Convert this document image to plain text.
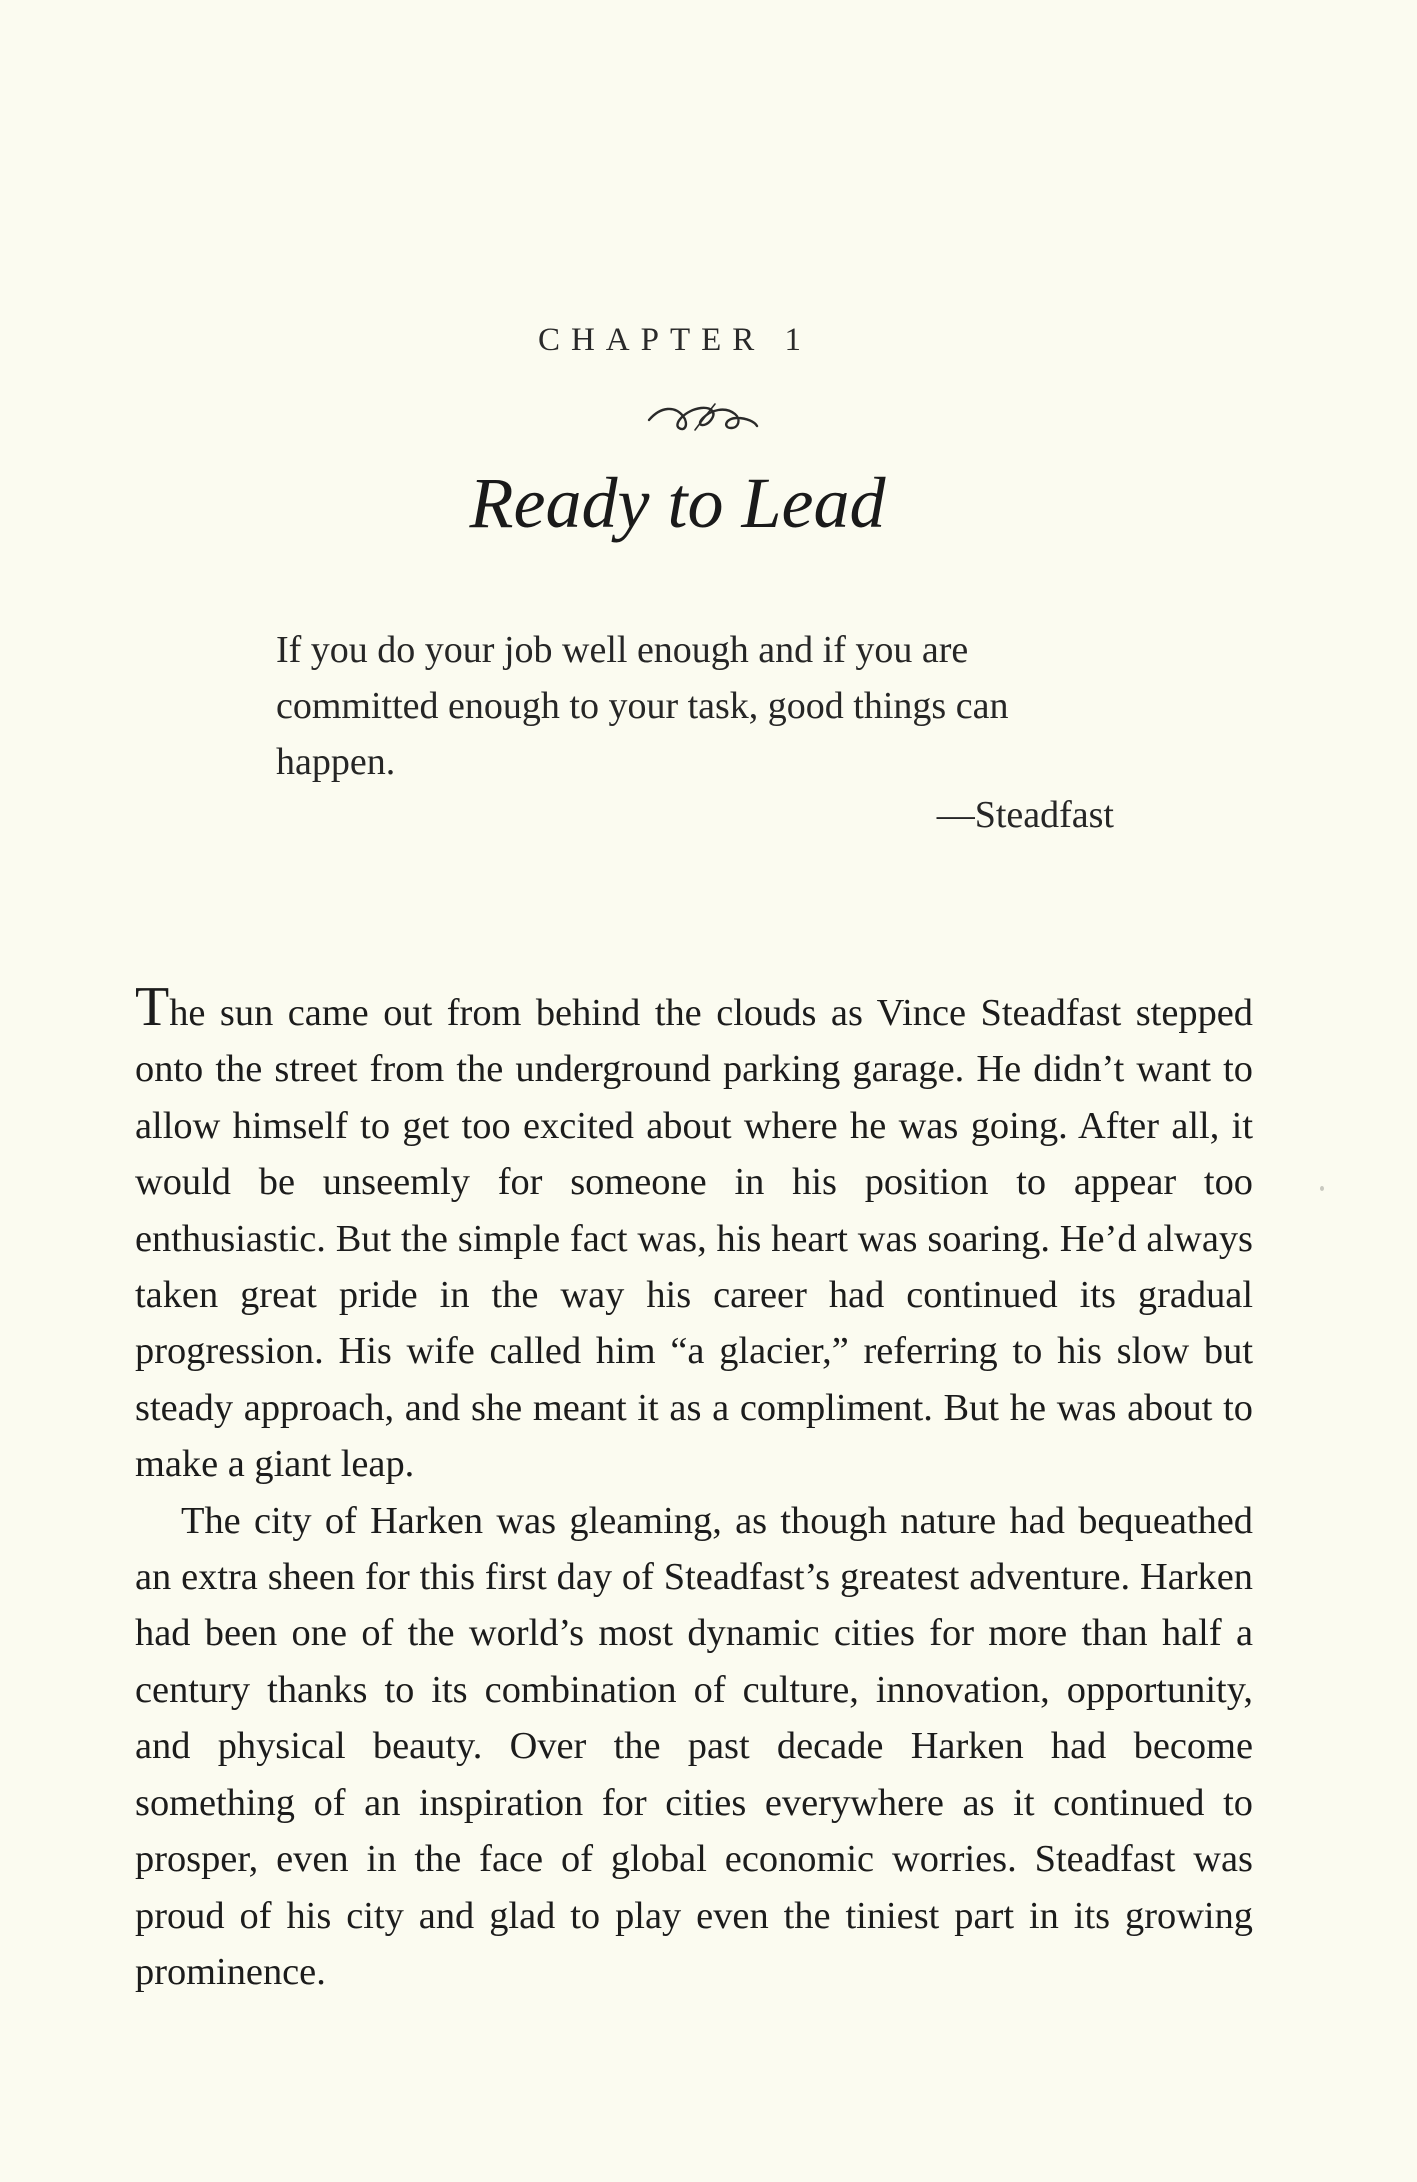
CHAPTER 1
Ready to Lead
If you do your job well enough and if you are committed enough to your task, good things can happen.
—Steadfast

The sun came out from behind the clouds as Vince Steadfast stepped onto the street from the underground parking garage. He didn’t want to allow himself to get too excited about where he was going. After all, it would be unseemly for someone in his position to appear too enthusiastic. But the simple fact was, his heart was soaring. He’d always taken great pride in the way his career had continued its gradual progression. His wife called him “a glacier,” referring to his slow but steady approach, and she meant it as a compliment. But he was about to make a giant leap.

The city of Harken was gleaming, as though nature had bequeathed an extra sheen for this first day of Steadfast’s greatest adventure. Harken had been one of the world’s most dynamic cities for more than half a century thanks to its combination of culture, innovation, opportunity, and physical beauty. Over the past decade Harken had become something of an inspiration for cities everywhere as it continued to prosper, even in the face of global economic worries. Steadfast was proud of his city and glad to play even the tiniest part in its growing prominence.
